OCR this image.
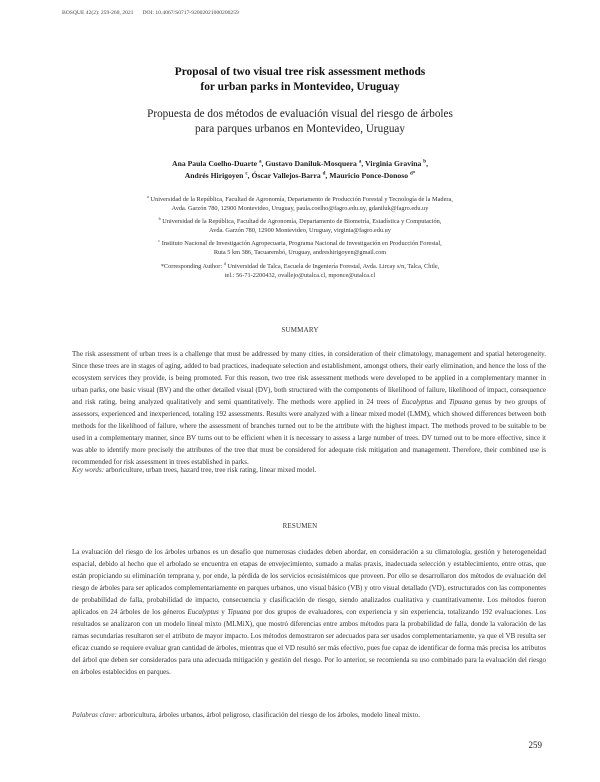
BOSQUE 42(2): 259-268, 2021 DOI: 10.4067/S0717-92002021000200259
Proposal of two visual tree risk assessment methods
for urban parks in Montevideo, Uruguay
Propuesta de dos métodos de evaluación visual del riesgo de árboles
para parques urbanos en Montevideo, Uruguay
Ana Paula Coelho-Duarte $^a$, Gustavo Daniluk-Mosquera $^a$, Virginia Gravina $^b$,
Andrés Hirigoyen $^c$, Óscar Vallejos-Barra $^d$, Mauricio Ponce-Donoso $^{d*}$
$^a$ Universidad de la República, Facultad de Agronomía, Departamento de Producción Forestal y Tecnología de la Madera,
Avda. Garzón 780, 12900 Montevideo, Uruguay, paula.coelho@fagro.edu.uy, gdaniluk@fagro.edu.uy
$^b$ Universidad de la República, Facultad de Agronomía, Departamento de Biometría, Estadística y Computación,
Avda. Garzón 780, 12900 Montevideo, Uruguay, virginia@fagro.edu.uy
$^c$ Instituto Nacional de Investigación Agropecuaria, Programa Nacional de Investigación en Producción Forestal,
Ruta 5 km 386, Tacuarembó, Uruguay, andreshirigoyen@gmail.com
*Corresponding Author: $^d$ Universidad de Talca, Escuela de Ingeniería Forestal, Avda. Lircay s/n, Talca, Chile,
tel.: 56-71-2200432, ovallejo@utalca.cl, mponce@utalca.cl
SUMMARY
The risk assessment of urban trees is a challenge that must be addressed by many cities, in consideration of their climatology, management and spatial heterogeneity. Since these trees are in stages of aging, added to bad practices, inadequate selection and establishment, amongst others, their early elimination, and hence the loss of the ecosystem services they provide, is being promoted. For this reason, two tree risk assessment methods were developed to be applied in a complementary manner in urban parks, one basic visual (BV) and the other detailed visual (DV), both structured with the components of likelihood of failure, likelihood of impact, consequence and risk rating, being analyzed qualitatively and semi quantitatively. The methods were applied in 24 trees of Eucalyptus and Tipuana genus by two groups of assessors, experienced and inexperienced, totaling 192 assessments. Results were analyzed with a linear mixed model (LMM), which showed differences between both methods for the likelihood of failure, where the assessment of branches turned out to be the attribute with the highest impact. The methods proved to be suitable to be used in a complementary manner, since BV turns out to be efficient when it is necessary to assess a large number of trees. DV turned out to be more effective, since it was able to identify more precisely the attributes of the tree that must be considered for adequate risk mitigation and management. Therefore, their combined use is recommended for risk assessment in trees established in parks.
Key words: arboriculture, urban trees, hazard tree, tree risk rating, linear mixed model.
RESUMEN
La evaluación del riesgo de los árboles urbanos es un desafío que numerosas ciudades deben abordar, en consideración a su climatología, gestión y heterogeneidad espacial, debido al hecho que el arbolado se encuentra en etapas de envejecimiento, sumado a malas praxis, inadecuada selección y establecimiento, entre otras, que están propiciando su eliminación temprana y, por ende, la pérdida de los servicios ecosistémicos que proveen. Por ello se desarrollaron dos métodos de evaluación del riesgo de árboles para ser aplicados complementariamente en parques urbanos, uno visual básico (VB) y otro visual detallado (VD), estructurados con las componentes de probabilidad de falla, probabilidad de impacto, consecuencia y clasificación de riesgo, siendo analizados cualitativa y cuantitativamente. Los métodos fueron aplicados en 24 árboles de los géneros Eucalyptus y Tipuana por dos grupos de evaluadores, con experiencia y sin experiencia, totalizando 192 evaluaciones. Los resultados se analizaron con un modelo lineal mixto (MLMiX), que mostró diferencias entre ambos métodos para la probabilidad de falla, donde la valoración de las ramas secundarias resultaron ser el atributo de mayor impacto. Los métodos demostraron ser adecuados para ser usados complementariamente, ya que el VB resulta ser eficaz cuando se requiere evaluar gran cantidad de árboles, mientras que el VD resultó ser más efectivo, pues fue capaz de identificar de forma más precisa los atributos del árbol que deben ser considerados para una adecuada mitigación y gestión del riesgo. Por lo anterior, se recomienda su uso combinado para la evaluación del riesgo en árboles establecidos en parques.
Palabras clave: arboricultura, árboles urbanos, árbol peligroso, clasificación del riesgo de los árboles, modelo lineal mixto.
259
